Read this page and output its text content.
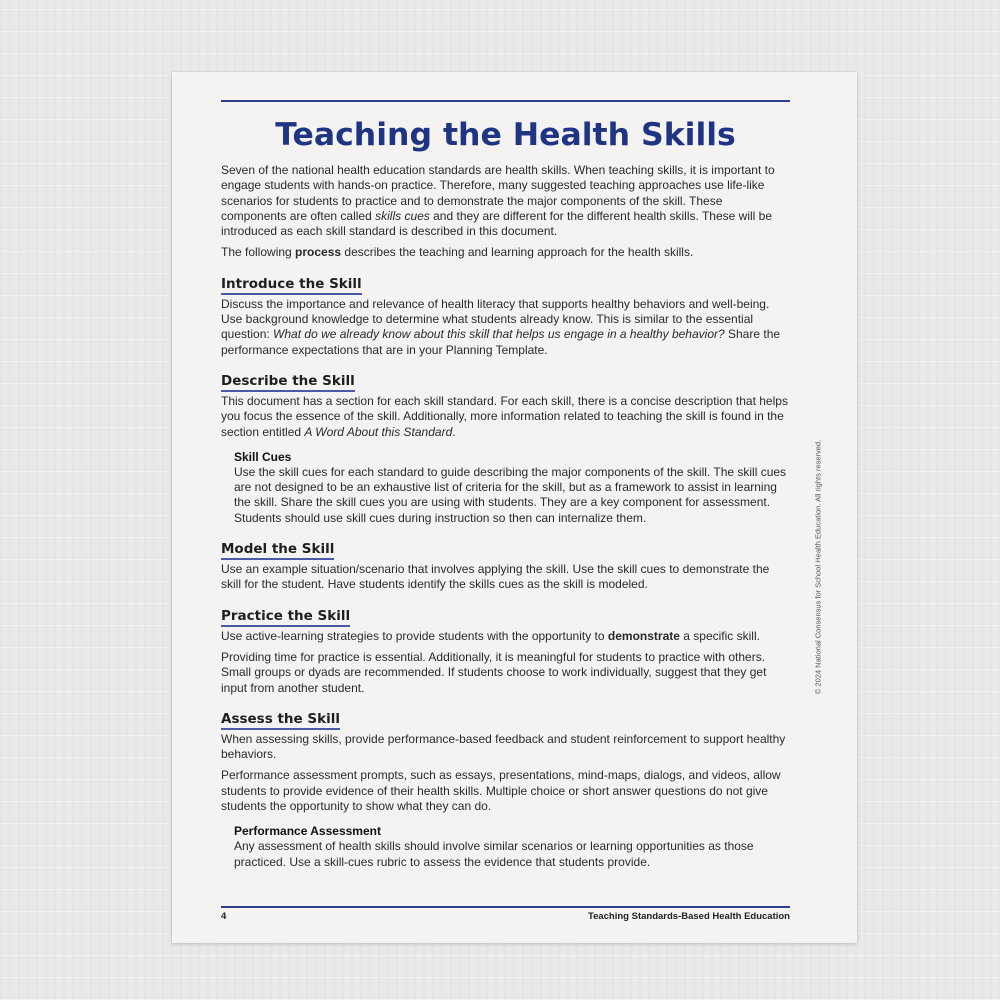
Teaching the Health Skills

Seven of the national health education standards are health skills. When teaching skills, it is important to engage students with hands-on practice. Therefore, many suggested teaching approaches use life-like scenarios for students to practice and to demonstrate the major components of the skill. These components are often called skills cues and they are different for the different health skills. These will be introduced as each skill standard is described in this document.

The following process describes the teaching and learning approach for the health skills.

Introduce the Skill

Discuss the importance and relevance of health literacy that supports healthy behaviors and well-being. Use background knowledge to determine what students already know. This is similar to the essential question: What do we already know about this skill that helps us engage in a healthy behavior? Share the performance expectations that are in your Planning Template.

Describe the Skill

This document has a section for each skill standard. For each skill, there is a concise description that helps you focus the essence of the skill. Additionally, more information related to teaching the skill is found in the section entitled A Word About this Standard.

Skill Cues

Use the skill cues for each standard to guide describing the major components of the skill. The skill cues are not designed to be an exhaustive list of criteria for the skill, but as a framework to assist in learning the skill. Share the skill cues you are using with students. They are a key component for assessment. Students should use skill cues during instruction so then can internalize them.

Model the Skill

Use an example situation/scenario that involves applying the skill. Use the skill cues to demonstrate the skill for the student. Have students identify the skills cues as the skill is modeled.

Practice the Skill

Use active-learning strategies to provide students with the opportunity to demonstrate a specific skill.

Providing time for practice is essential. Additionally, it is meaningful for students to practice with others. Small groups or dyads are recommended. If students choose to work individually, suggest that they get input from another student.

Assess the Skill

When assessing skills, provide performance-based feedback and student reinforcement to support healthy behaviors.

Performance assessment prompts, such as essays, presentations, mind-maps, dialogs, and videos, allow students to provide evidence of their health skills. Multiple choice or short answer questions do not give students the opportunity to show what they can do.

Performance Assessment

Any assessment of health skills should involve similar scenarios or learning opportunities as those practiced. Use a skill-cues rubric to assess the evidence that students provide.

© 2024 National Consensus for School Health Education. All rights reserved.
4	Teaching Standards-Based Health Education
